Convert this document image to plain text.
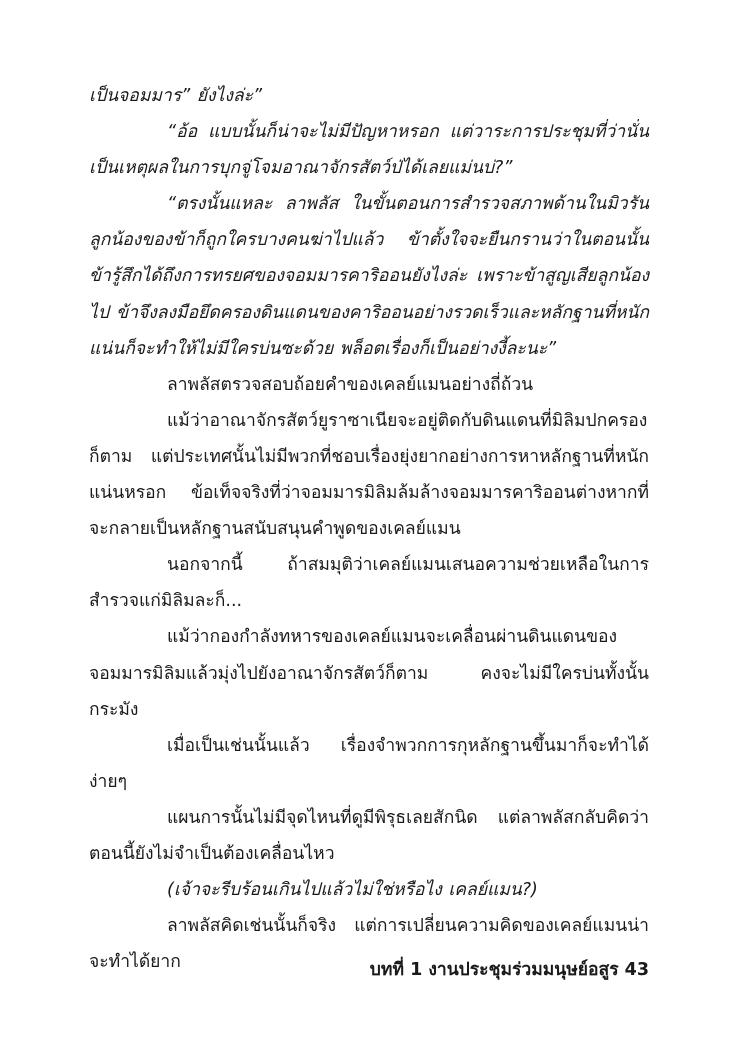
เป็นจอมมาร” ยังไงล่ะ”

“อ้อ แบบนั้นก็น่าจะไม่มีปัญหาหรอก แต่วาระการประชุมที่ว่านั่นเป็นเหตุผลในการบุกจู่โจมอาณาจักรสัตว์ป่ได้เลยแม่นบ่?”

“ตรงนั้นแหละ ลาพลัส ในขั้นตอนการสำรวจสภาพด้านในมิวรันลูกน้องของข้าก็ถูกใครบางคนฆ่าไปแล้ว ข้าตั้งใจจะยืนกรานว่าในตอนนั้นข้ารู้สึกได้ถึงการทรยศของจอมมารคาริออนยังไงล่ะ เพราะข้าสูญเสียลูกน้องไป ข้าจึงลงมือยึดครองดินแดนของคาริออนอย่างรวดเร็วและหลักฐานที่หนักแน่นก็จะทำให้ไม่มีใครบ่นซะด้วย พล็อตเรื่องก็เป็นอย่างงี้ละนะ”

ลาพลัสตรวจสอบถ้อยคำของเคลย์แมนอย่างถี่ถ้วน

แม้ว่าอาณาจักรสัตว์ยูราซาเนียจะอยู่ติดกับดินแดนที่มิลิมปกครองก็ตาม แต่ประเทศนั้นไม่มีพวกที่ชอบเรื่องยุ่งยากอย่างการหาหลักฐานที่หนักแน่นหรอก ข้อเท็จจริงที่ว่าจอมมารมิลิมล้มล้างจอมมารคาริออนต่างหากที่จะกลายเป็นหลักฐานสนับสนุนคำพูดของเคลย์แมน

นอกจากนี้ ถ้าสมมุติว่าเคลย์แมนเสนอความช่วยเหลือในการสำรวจแก่มิลิมละก็...

แม้ว่ากองกำลังทหารของเคลย์แมนจะเคลื่อนผ่านดินแดนของจอมมารมิลิมแล้วมุ่งไปยังอาณาจักรสัตว์ก็ตาม คงจะไม่มีใครบ่นทั้งนั้นกระมัง

เมื่อเป็นเช่นนั้นแล้ว เรื่องจำพวกการกุหลักฐานขึ้นมาก็จะทำได้ง่ายๆ

แผนการนั้นไม่มีจุดไหนที่ดูมีพิรุธเลยสักนิด แต่ลาพลัสกลับคิดว่าตอนนี้ยังไม่จำเป็นต้องเคลื่อนไหว

(เจ้าจะรีบร้อนเกินไปแล้วไม่ใช่หรือไง เคลย์แมน?)

ลาพลัสคิดเช่นนั้นก็จริง แต่การเปลี่ยนความคิดของเคลย์แมนน่าจะทำได้ยาก	บทที่ 1 งานประชุมร่วมมนุษย์อสูร 43
